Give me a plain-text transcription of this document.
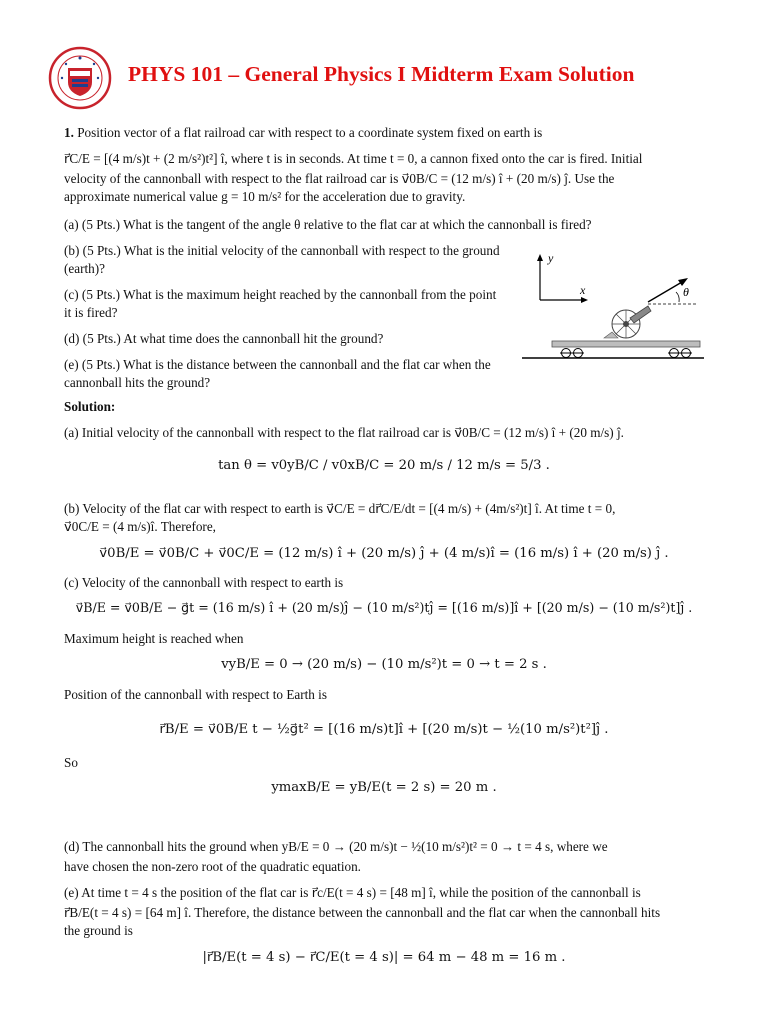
PHYS 101 – General Physics I Midterm Exam Solution

1. Position vector of a flat railroad car with respect to a coordinate system fixed on earth is

r⃗C/E = [(4 m/s)t + (2 m/s²)t²] î, where t is in seconds. At time t = 0, a cannon fixed onto the car is fired. Initial

velocity of the cannonball with respect to the flat railroad car is v⃗0B/C = (12 m/s) î + (20 m/s) ĵ. Use the

approximate numerical value g = 10 m/s² for the acceleration due to gravity.

(a) (5 Pts.) What is the tangent of the angle θ relative to the flat car at which the cannonball is fired?

(b) (5 Pts.) What is the initial velocity of the cannonball with respect to the ground (earth)?

(c) (5 Pts.) What is the maximum height reached by the cannonball from the point it is fired?

(d) (5 Pts.) At what time does the cannonball hit the ground?

(e) (5 Pts.) What is the distance between the cannonball and the flat car when the cannonball hits the ground?

y
x	θ

Solution:

(a) Initial velocity of the cannonball with respect to the flat railroad car is v⃗0B/C = (12 m/s) î + (20 m/s) ĵ.

tan θ = v0yB/C / v0xB/C = 20 m/s / 12 m/s = 5/3 .

(b) Velocity of the flat car with respect to earth is v⃗C/E = dr⃗C/E/dt = [(4 m/s) + (4m/s²)t] î. At time t = 0,

v⃗0C/E = (4 m/s)î. Therefore,

v⃗0B/E = v⃗0B/C + v⃗0C/E = (12 m/s) î + (20 m/s) ĵ + (4 m/s)î = (16 m/s) î + (20 m/s) ĵ .

(c) Velocity of the cannonball with respect to earth is

v⃗B/E = v⃗0B/E − g⃗t = (16 m/s) î + (20 m/s)ĵ − (10 m/s²)tĵ = [(16 m/s)]î + [(20 m/s) − (10 m/s²)t]ĵ .

Maximum height is reached when

vyB/E = 0 → (20 m/s) − (10 m/s²)t = 0 → t = 2 s .

Position of the cannonball with respect to Earth is

r⃗B/E = v⃗0B/E t − ½g⃗t² = [(16 m/s)t]î + [(20 m/s)t − ½(10 m/s²)t²]ĵ .

So

ymaxB/E = yB/E(t = 2 s) = 20 m .

(d) The cannonball hits the ground when yB/E = 0 → (20 m/s)t − ½(10 m/s²)t² = 0 → t = 4 s, where we

have chosen the non-zero root of the quadratic equation.

(e) At time t = 4 s the position of the flat car is r⃗c/E(t = 4 s) = [48 m] î, while the position of the cannonball is

r⃗B/E(t = 4 s) = [64 m] î. Therefore, the distance between the cannonball and the flat car when the cannonball hits

the ground is

|r⃗B/E(t = 4 s) − r⃗C/E(t = 4 s)| = 64 m − 48 m = 16 m .
